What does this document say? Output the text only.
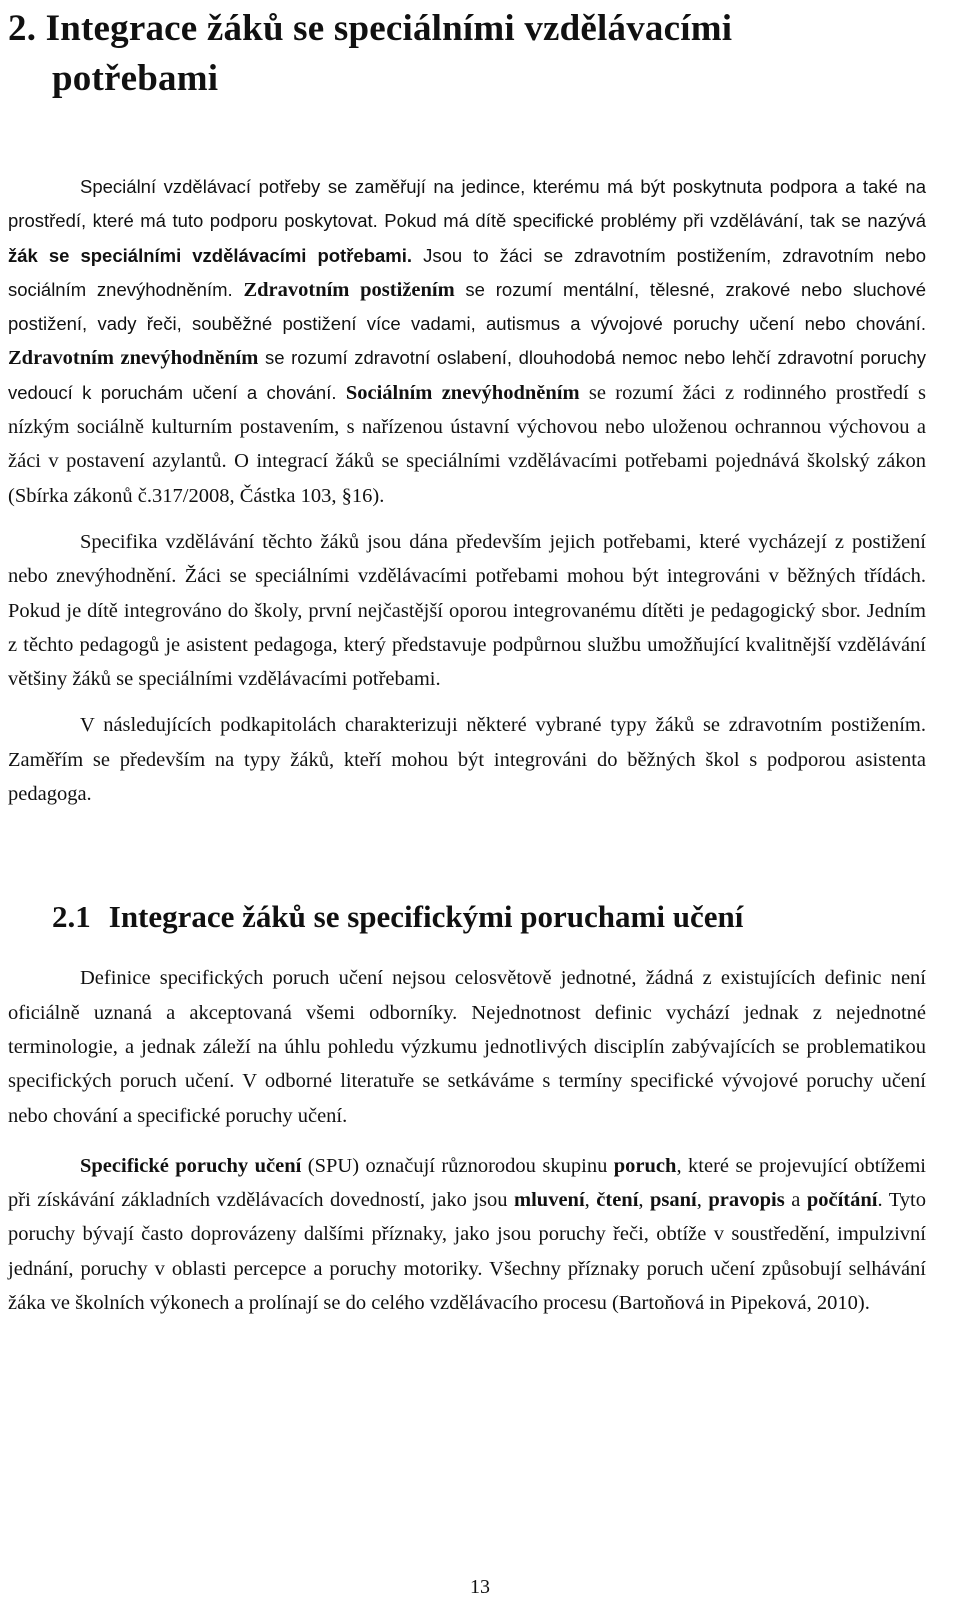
2. Integrace žáků se speciálními vzdělávacími
potřebami

Speciální vzdělávací potřeby se zaměřují na jedince, kterému má být poskytnuta podpora a také na prostředí, které má tuto podporu poskytovat. Pokud má dítě specifické problémy při vzdělávání, tak se nazývá žák se speciálními vzdělávacími potřebami. Jsou to žáci se zdravotním postižením, zdravotním nebo sociálním znevýhodněním. Zdravotním postižením se rozumí mentální, tělesné, zrakové nebo sluchové postižení, vady řeči, souběžné postižení více vadami, autismus a vývojové poruchy učení nebo chování. Zdravotním znevýhodněním se rozumí zdravotní oslabení, dlouhodobá nemoc nebo lehčí zdravotní poruchy vedoucí k poruchám učení a chování. Sociálním znevýhodněním se rozumí žáci z rodinného prostředí s nízkým sociálně kulturním postavením, s nařízenou ústavní výchovou nebo uloženou ochrannou výchovou a žáci v postavení azylantů. O integrací žáků se speciálními vzdělávacími potřebami pojednává školský zákon (Sbírka zákonů č.317/2008, Částka 103, §16).

Specifika vzdělávání těchto žáků jsou dána především jejich potřebami, které vycházejí z postižení nebo znevýhodnění. Žáci se speciálními vzdělávacími potřebami mohou být integrováni v běžných třídách. Pokud je dítě integrováno do školy, první nejčastější oporou integrovanému dítěti je pedagogický sbor. Jedním z těchto pedagogů je asistent pedagoga, který představuje podpůrnou službu umožňující kvalitnější vzdělávání většiny žáků se speciálními vzdělávacími potřebami.

V následujících podkapitolách charakterizuji některé vybrané typy žáků se zdravotním postižením. Zaměřím se především na typy žáků, kteří mohou být integrováni do běžných škol s podporou asistenta pedagoga.

2.1 Integrace žáků se specifickými poruchami učení

Definice specifických poruch učení nejsou celosvětově jednotné, žádná z existujících definic není oficiálně uznaná a akceptovaná všemi odborníky. Nejednotnost definic vychází jednak z nejednotné terminologie, a jednak záleží na úhlu pohledu výzkumu jednotlivých disciplín zabývajících se problematikou specifických poruch učení. V odborné literatuře se setkáváme s termíny specifické vývojové poruchy učení nebo chování a specifické poruchy učení.

Specifické poruchy učení (SPU) označují různorodou skupinu poruch, které se projevující obtížemi při získávání základních vzdělávacích dovedností, jako jsou mluvení, čtení, psaní, pravopis a počítání. Tyto poruchy bývají často doprovázeny dalšími příznaky, jako jsou poruchy řeči, obtíže v soustředění, impulzivní jednání, poruchy v oblasti percepce a poruchy motoriky. Všechny příznaky poruch učení způsobují selhávání žáka ve školních výkonech a prolínají se do celého vzdělávacího procesu (Bartoňová in Pipeková, 2010).

13
